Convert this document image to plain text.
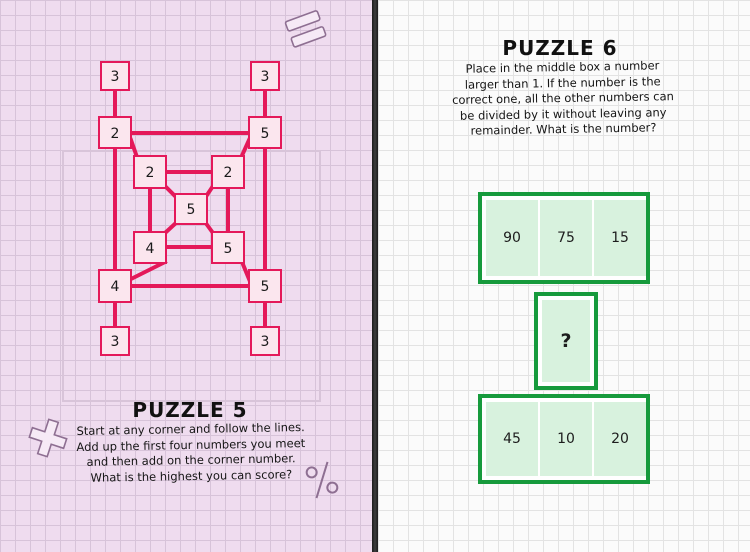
3	3
2	5
2	2
5
4	5
4	5
3	3
PUZZLE 5
Start at any corner and follow the lines.
Add up the first four numbers you meet
and then add on the corner number.
What is the highest you can score?
PUZZLE 6
Place in the middle box a number
larger than 1. If the number is the
correct one, all the other numbers can
be divided by it without leaving any
remainder. What is the number?
90	75	15
?
45	10	20
